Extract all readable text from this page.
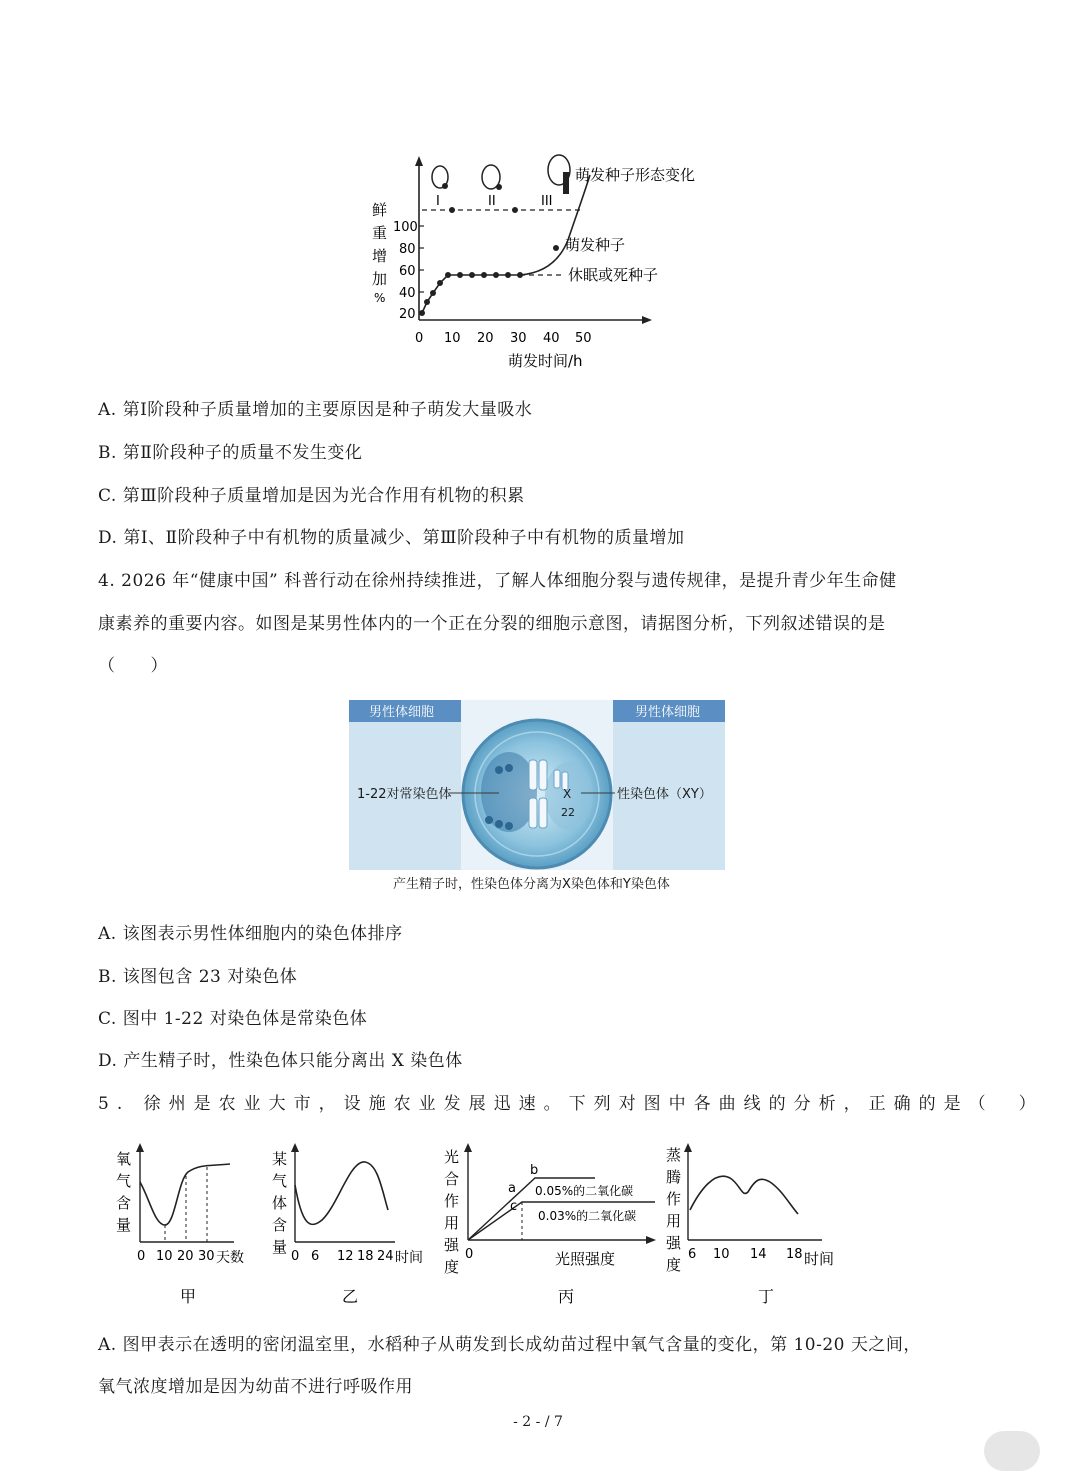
鲜
重
增
加
%
100
80
60
40
20
0 10 20 30 40 50
萌发时间/h
I	II	III
萌发种子形态变化
萌发种子
休眠或死种子
A. 第Ⅰ阶段种子质量增加的主要原因是种子萌发大量吸水
B. 第Ⅱ阶段种子的质量不发生变化
C. 第Ⅲ阶段种子质量增加是因为光合作用有机物的积累
D. 第Ⅰ、Ⅱ阶段种子中有机物的质量减少、第Ⅲ阶段种子中有机物的质量增加
4. 2026 年“健康中国” 科普行动在徐州持续推进，了解人体细胞分裂与遗传规律，是提升青少年生命健
康素养的重要内容。如图是某男性体内的一个正在分裂的细胞示意图，请据图分析，下列叙述错误的是
（　　）
男性体细胞	男性体细胞
X
22
1-22对常染色体	性染色体（XY）
产生精子时，性染色体分离为X染色体和Y染色体
A. 该图表示男性体细胞内的染色体排序
B. 该图包含 23 对染色体
C. 图中 1-22 对染色体是常染色体
D. 产生精子时，性染色体只能分离出 X 染色体
5. 徐州是农业大市，设施农业发展迅速。下列对图中各曲线的分析，正确的是（　）
氧
气
含
量
0 10 20 30 天数
甲
某
气
体
含
量
0 6 12 18 24 时间
乙
光
合
作
用
强
度
a
b
c
0.05%的二氧化碳
0.03%的二氧化碳
0	光照强度
丙
蒸
腾
作
用
强
度
6 10 14 18 时间
丁
A. 图甲表示在透明的密闭温室里，水稻种子从萌发到长成幼苗过程中氧气含量的变化，第 10-20 天之间，
氧气浓度增加是因为幼苗不进行呼吸作用
- 2 - / 7
